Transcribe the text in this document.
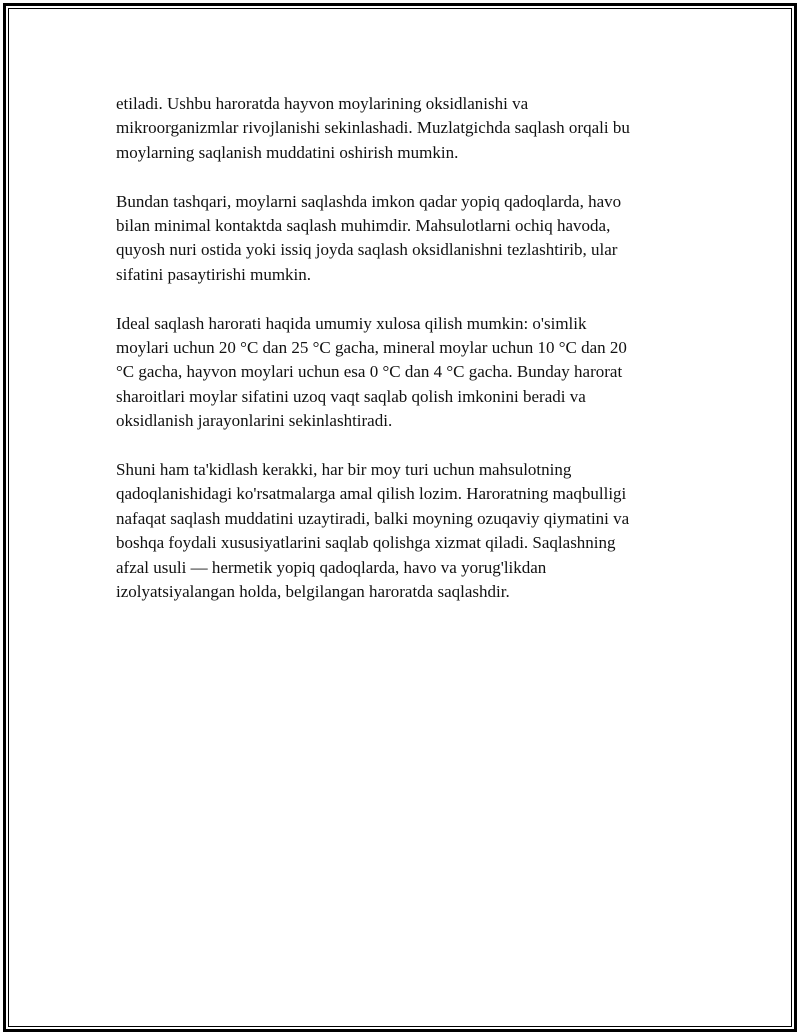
etiladi. Ushbu haroratda hayvon moylarining oksidlanishi va
mikroorganizmlar rivojlanishi sekinlashadi. Muzlatgichda saqlash orqali bu
moylarning saqlanish muddatini oshirish mumkin.

Bundan tashqari, moylarni saqlashda imkon qadar yopiq qadoqlarda, havo
bilan minimal kontaktda saqlash muhimdir. Mahsulotlarni ochiq havoda,
quyosh nuri ostida yoki issiq joyda saqlash oksidlanishni tezlashtirib, ular
sifatini pasaytirishi mumkin.

Ideal saqlash harorati haqida umumiy xulosa qilish mumkin: o'simlik
moylari uchun 20 °C dan 25 °C gacha, mineral moylar uchun 10 °C dan 20
°C gacha, hayvon moylari uchun esa 0 °C dan 4 °C gacha. Bunday harorat
sharoitlari moylar sifatini uzoq vaqt saqlab qolish imkonini beradi va
oksidlanish jarayonlarini sekinlashtiradi.

Shuni ham ta'kidlash kerakki, har bir moy turi uchun mahsulotning
qadoqlanishidagi ko'rsatmalarga amal qilish lozim. Haroratning maqbulligi
nafaqat saqlash muddatini uzaytiradi, balki moyning ozuqaviy qiymatini va
boshqa foydali xususiyatlarini saqlab qolishga xizmat qiladi. Saqlashning
afzal usuli — hermetik yopiq qadoqlarda, havo va yorug'likdan
izolyatsiyalangan holda, belgilangan haroratda saqlashdir.
